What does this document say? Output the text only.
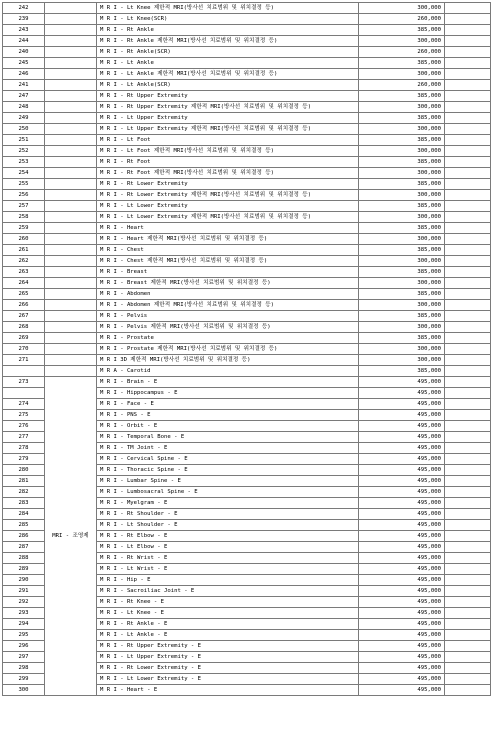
242		M R I - Lt Knee 제한적 MRI(방사선 치료범위 및 위치결정 등)	300,000	
239		M R I - Lt Knee(SCR)	260,000	
243		M R I - Rt Ankle	385,000	
244		M R I - Rt Ankle 제한적 MRI(방사선 치료범위 및 위치결정 등)	300,000	
240		M R I - Rt Ankle(SCR)	260,000	
245		M R I - Lt Ankle	385,000	
246		M R I - Lt Ankle 제한적 MRI(방사선 치료범위 및 위치결정 등)	300,000	
241		M R I - Lt Ankle(SCR)	260,000	
247		M R I - Rt Upper Extremity	385,000	
248		M R I - Rt Upper Extremity 제한적 MRI(방사선 치료범위 및 위치결정 등)	300,000	
249		M R I - Lt Upper Extremity	385,000	
250		M R I - Lt Upper Extremity 제한적 MRI(방사선 치료범위 및 위치결정 등)	300,000	
251		M R I - Lt Foot	385,000	
252		M R I - Lt Foot 제한적 MRI(방사선 치료범위 및 위치결정 등)	300,000	
253		M R I - Rt Foot	385,000	
254		M R I - Rt Foot 제한적 MRI(방사선 치료범위 및 위치결정 등)	300,000	
255		M R I - Rt Lower Extremity	385,000	
256		M R I - Rt Lower Extremity 제한적 MRI(방사선 치료범위 및 위치결정 등)	300,000	
257		M R I - Lt Lower Extremity	385,000	
258		M R I - Lt Lower Extremity 제한적 MRI(방사선 치료범위 및 위치결정 등)	300,000	
259		M R I - Heart	385,000	
260		M R I - Heart 제한적 MRI(방사선 치료범위 및 위치결정 등)	300,000	
261		M R I - Chest	385,000	
262		M R I - Chest 제한적 MRI(방사선 치료범위 및 위치결정 등)	300,000	
263		M R I - Breast	385,000	
264		M R I - Breast 제한적 MRI(방사선 치료범위 및 위치결정 등)	300,000	
265		M R I - Abdomen	385,000	
266		M R I - Abdomen 제한적 MRI(방사선 치료범위 및 위치결정 등)	300,000	
267		M R I - Pelvis	385,000	
268		M R I - Pelvis 제한적 MRI(방사선 치료범위 및 위치결정 등)	300,000	
269		M R I - Prostate	385,000	
270		M R I - Prostate 제한적 MRI(방사선 치료범위 및 위치결정 등)	300,000	
271		M R I 3D 제한적 MRI(방사선 치료범위 및 위치결정 등)	300,000	
		M R A - Carotid	385,000	
273	MRI - 조영제	M R I - Brain - E	495,000	
		M R I - Hippocampus - E	495,000	
274		M R I - Face - E	495,000	
275		M R I - PNS - E	495,000	
276		M R I - Orbit - E	495,000	
277		M R I - Temporal Bone - E	495,000	
278		M R I - TM Joint - E	495,000	
279		M R I - Cervical Spine - E	495,000	
280		M R I - Thoracic Spine - E	495,000	
281		M R I - Lumbar Spine - E	495,000	
282		M R I - Lumbosacral Spine - E	495,000	
283		M R I - Myelgram - E	495,000	
284		M R I - Rt Shoulder - E	495,000	
285		M R I - Lt Shoulder - E	495,000	
286		M R I - Rt Elbow - E	495,000	
287		M R I - Lt Elbow - E	495,000	
288		M R I - Rt Wrist - E	495,000	
289		M R I - Lt Wrist - E	495,000	
290		M R I - Hip - E	495,000	
291		M R I - Sacroiliac Joint - E	495,000	
292		M R I - Rt Knee - E	495,000	
293		M R I - Lt Knee - E	495,000	
294		M R I - Rt Ankle - E	495,000	
295		M R I - Lt Ankle - E	495,000	
296		M R I - Rt Upper Extremity - E	495,000	
297		M R I - Lt Upper Extremity - E	495,000	
298		M R I - Rt Lower Extremity - E	495,000	
299		M R I - Lt Lower Extremity - E	495,000	
300		M R I - Heart - E	495,000	
